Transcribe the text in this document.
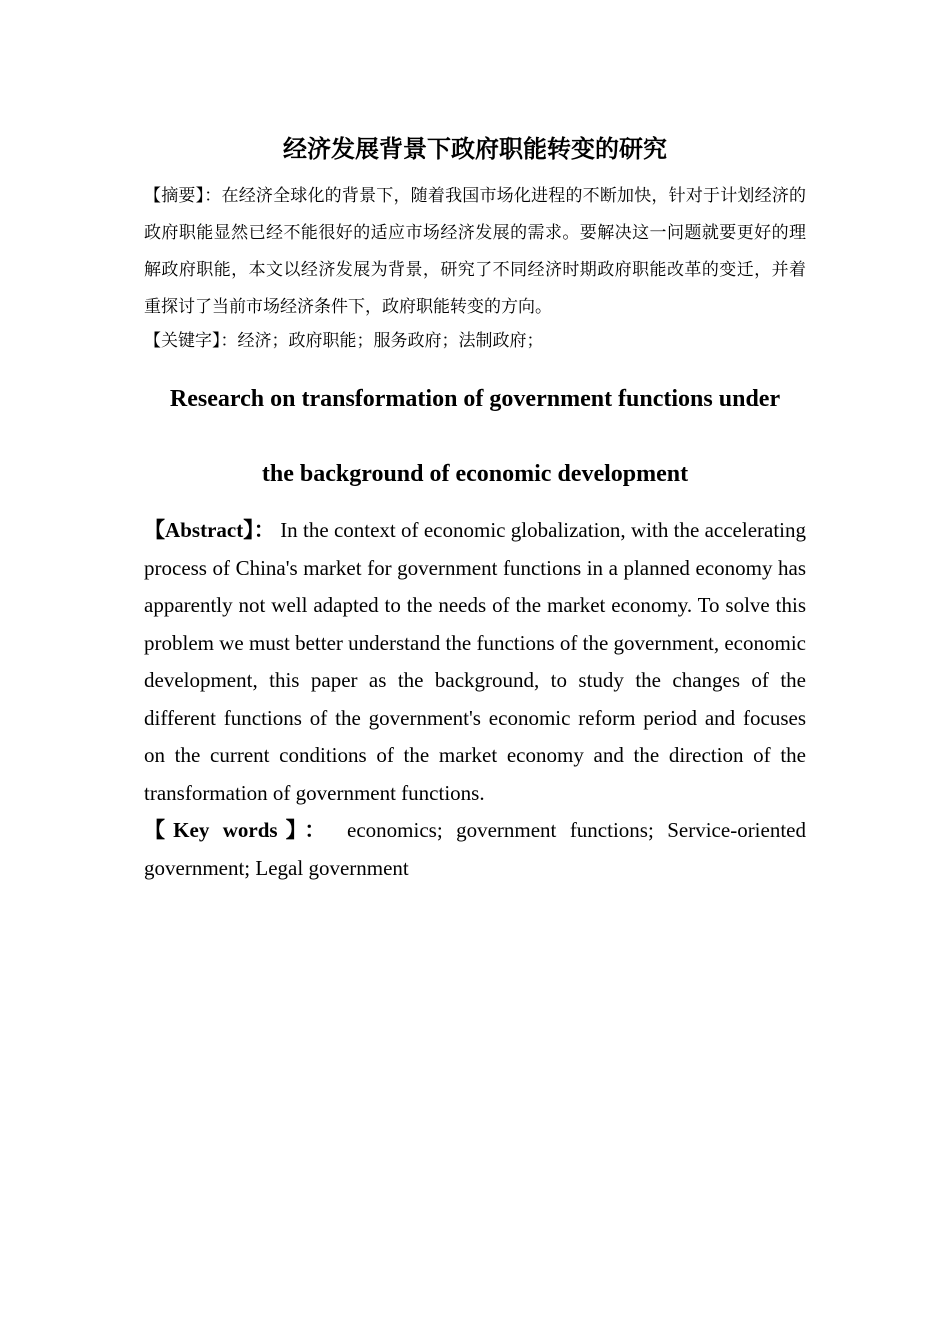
经济发展背景下政府职能转变的研究

【摘要】：在经济全球化的背景下，随着我国市场化进程的不断加快，针对于计划经济的政府职能显然已经不能很好的适应市场经济发展的需求。要解决这一问题就要更好的理解政府职能，本文以经济发展为背景，研究了不同经济时期政府职能改革的变迁，并着重探讨了当前市场经济条件下，政府职能转变的方向。

【关键字】：经济；政府职能；服务政府；法制政府；

Research on transformation of government functions under
the background of economic development

【Abstract】： In the context of economic globalization, with the accelerating process of China's market for government functions in a planned economy has apparently not well adapted to the needs of the market economy. To solve this problem we must better understand the functions of the government, economic development, this paper as the background, to study the changes of the different functions of the government's economic reform period and focuses on the current conditions of the market economy and the direction of the transformation of government functions.

【Key words】： economics; government functions; Service-oriented government; Legal government
